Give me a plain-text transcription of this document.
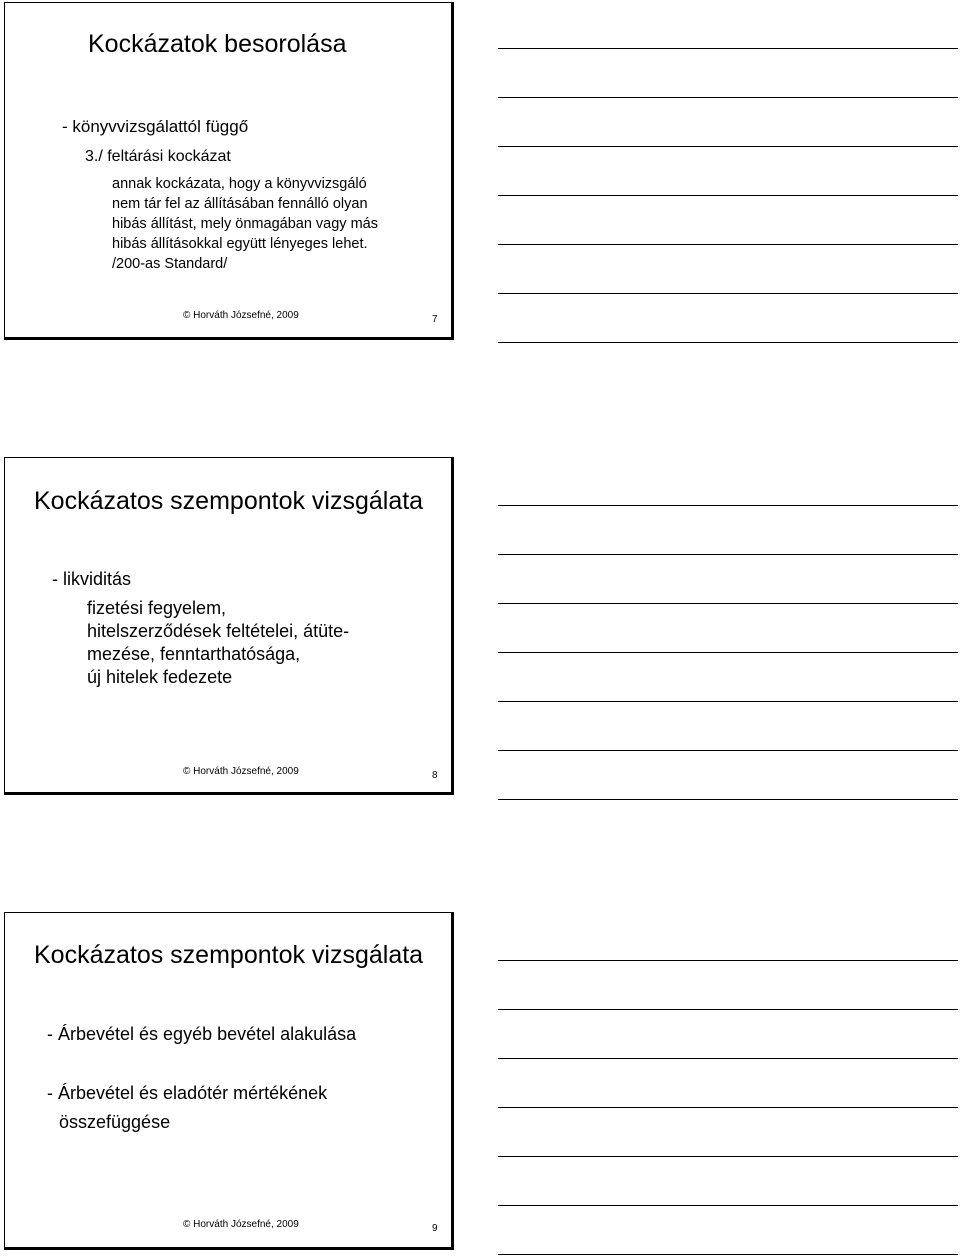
Kockázatok besorolása
- könyvvizsgálattól függő
3./ feltárási kockázat
annak kockázata, hogy a könyvvizsgáló
nem tár fel az állításában fennálló olyan
hibás állítást, mely önmagában vagy más
hibás állításokkal együtt lényeges lehet.
/200-as Standard/
© Horváth Józsefné, 2009	7
Kockázatos szempontok vizsgálata
- likviditás
fizetési fegyelem,
hitelszerződések feltételei, átüte-
mezése, fenntarthatósága,
új hitelek fedezete
© Horváth Józsefné, 2009	8
Kockázatos szempontok vizsgálata
- Árbevétel és egyéb bevétel alakulása
- Árbevétel és eladótér mértékének
összefüggése
© Horváth Józsefné, 2009	9
